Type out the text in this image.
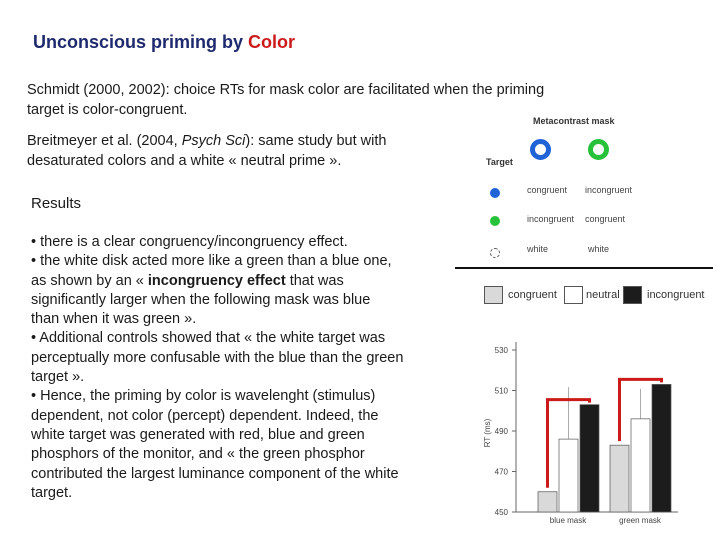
Unconscious priming by Color
Schmidt (2000, 2002): choice RTs for mask color are facilitated when the priming
target is color-congruent.
Breitmeyer et al. (2004, Psych Sci): same study but with
desaturated colors and a white « neutral prime ».
Results
• there is a clear congruency/incongruency effect.
• the white disk acted more like a green than a blue one,
as shown by an « incongruency effect that was
significantly larger when the following mask was blue
than when it was green ».
• Additional controls showed that « the white target was
perceptually more confusable with the blue than the green
target ».
• Hence, the priming by color is wavelenght (stimulus)
dependent, not color (percept) dependent. Indeed, the
white target was generated with red, blue and green
phosphors of the monitor, and « the green phosphor
contributed the largest luminance component of the white
target.
Metacontrast mask
Target
congruent incongruent
incongruent congruent
white	white
congruent	neutral incongruent
450
470
490
510
530
RT (ms)
blue mask	green mask
